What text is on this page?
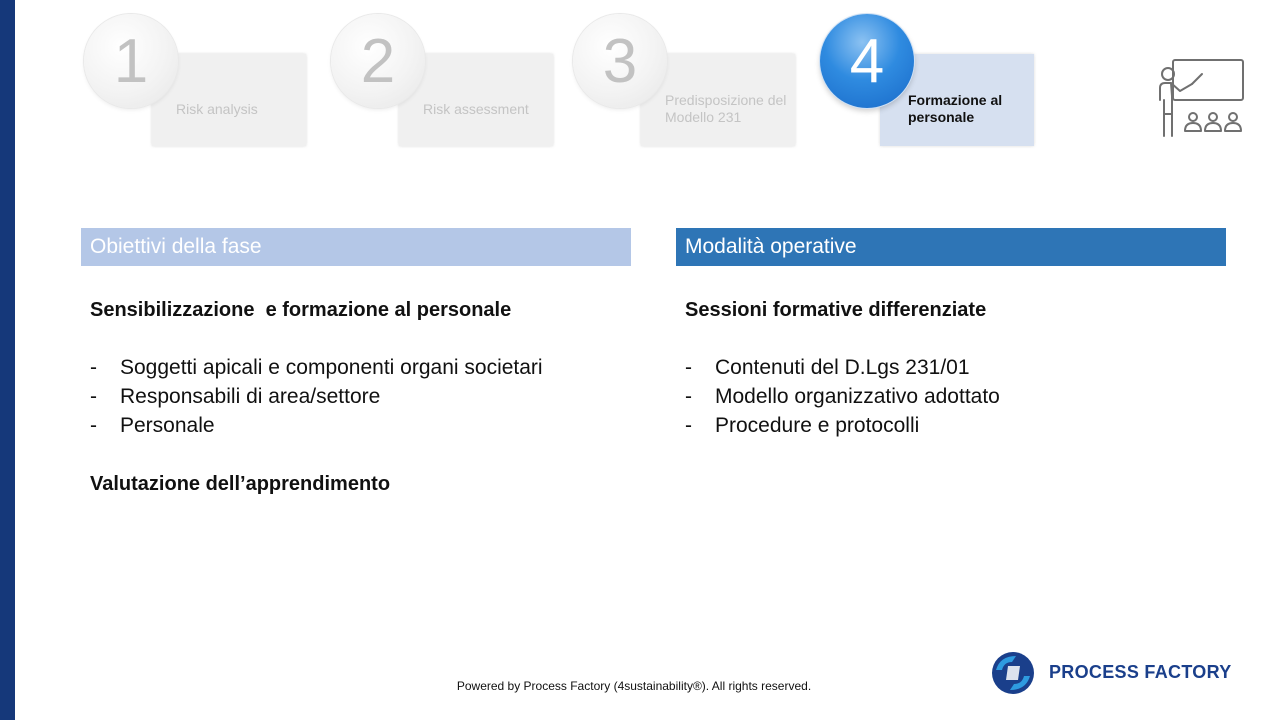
Risk analysis
1
Risk assessment
2
Predisposizione del Modello 231
3
Formazione al personale
4
Obiettivi della fase	Modalità operative

Sensibilizzazione  e formazione al personale

-	Soggetti apicali e componenti organi societari
-	Responsabili di area/settore
-	Personale

Valutazione dell’apprendimento

Sessioni formative differenziate

-	Contenuti del D.Lgs 231/01
-	Modello organizzativo adottato
-	Procedure e protocolli
Powered by Process Factory (4sustainability®). All rights reserved.
PROCESS FACTORY
